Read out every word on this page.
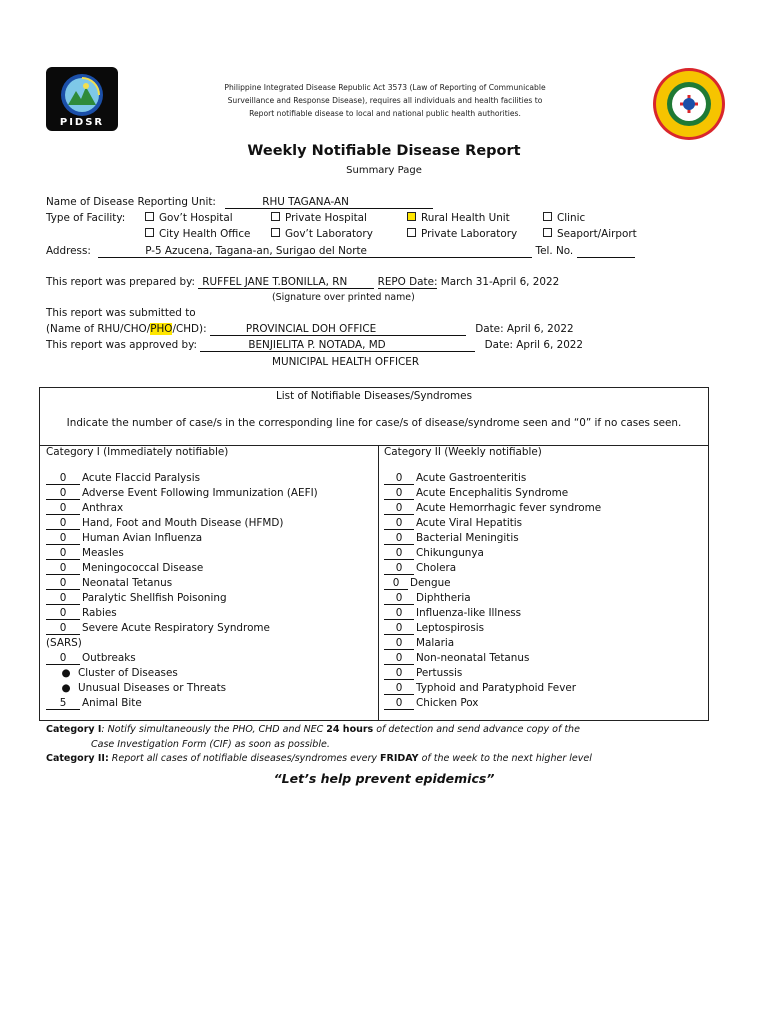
PIDSR
Philippine Integrated Disease Republic Act 3573 (Law of Reporting of Communicable
Surveillance and Response Disease), requires all individuals and health facilities to
Report notifiable disease to local and national public health authorities.
Weekly Notifiable Disease Report
Summary Page
Name of Disease Reporting Unit:	RHU TAGANA-AN
Type of Facility:	Gov’t Hospital	Private Hospital	Rural Health Unit	Clinic
City Health Office	Gov’t Laboratory	Private Laboratory	Seaport/Airport
Address:	P-5 Azucena, Tagana-an, Surigao del Norte	Tel. No.
This report was prepared by: RUFFEL JANE T.BONILLA, RN	REPO Date: March 31-April 6, 2022
(Signature over printed name)
This report was submitted to
(Name of RHU/CHO/PHO/CHD):	PROVINCIAL DOH OFFICE	Date: April 6, 2022
This report was approved by:	BENJIELITA P. NOTADA, MD	Date: April 6, 2022
MUNICIPAL HEALTH OFFICER
List of Notifiable Diseases/Syndromes
Indicate the number of case/s in the corresponding line for case/s of disease/syndrome seen and “0” if no cases seen.
Category I (Immediately notifiable)
0 Acute Flaccid Paralysis
0 Adverse Event Following Immunization (AEFI)
0 Anthrax
0 Hand, Foot and Mouth Disease (HFMD)
0 Human Avian Influenza
0 Measles
0 Meningococcal Disease
0 Neonatal Tetanus
0 Paralytic Shellfish Poisoning
0 Rabies
0 Severe Acute Respiratory Syndrome
(SARS)
0 Outbreaks
● Cluster of Diseases
● Unusual Diseases or Threats
5 Animal Bite
Category II (Weekly notifiable)
0 Acute Gastroenteritis
0 Acute Encephalitis Syndrome
0 Acute Hemorrhagic fever syndrome
0 Acute Viral Hepatitis
0 Bacterial Meningitis
0 Chikungunya
0 Cholera
0 Dengue
0 Diphtheria
0 Influenza-like Illness
0 Leptospirosis
0 Malaria
0 Non-neonatal Tetanus
0 Pertussis
0 Typhoid and Paratyphoid Fever
0 Chicken Pox
Category I: Notify simultaneously the PHO, CHD and NEC 24 hours of detection and send advance copy of the
Case Investigation Form (CIF) as soon as possible.
Category II: Report all cases of notifiable diseases/syndromes every FRIDAY of the week to the next higher level
“Let’s help prevent epidemics”
